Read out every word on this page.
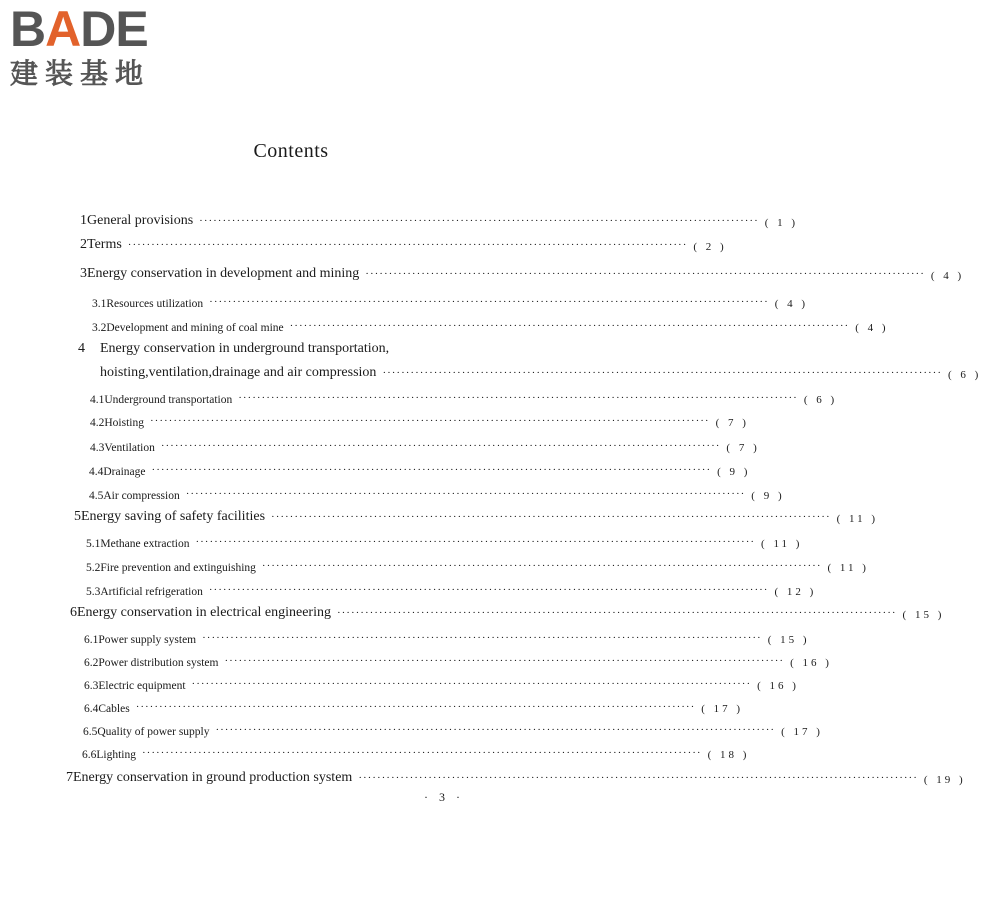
BADE
建装基地
Contents
1 General provisions ························································································································ ( 1 )
2 Terms ························································································································ ( 2 )
3 Energy conservation in development and mining ························································································································ ( 4 )
3.1 Resources utilization ························································································································ ( 4 )
3.2 Development and mining of coal mine ························································································································ ( 4 )
4	Energy conservation in underground transportation,
hoisting,ventilation,drainage and air compression ························································································································ ( 6 )
4.1 Underground transportation ························································································································ ( 6 )
4.2 Hoisting ························································································································ ( 7 )
4.3 Ventilation ························································································································ ( 7 )
4.4 Drainage ························································································································ ( 9 )
4.5 Air compression ························································································································ ( 9 )
5 Energy saving of safety facilities ························································································································ ( 11 )
5.1 Methane extraction ························································································································ ( 11 )
5.2 Fire prevention and extinguishing ························································································································ ( 11 )
5.3 Artificial refrigeration ························································································································ ( 12 )
6 Energy conservation in electrical engineering ························································································································ ( 15 )
6.1 Power supply system ························································································································ ( 15 )
6.2 Power distribution system ························································································································ ( 16 )
6.3 Electric equipment ························································································································ ( 16 )
6.4 Cables ························································································································ ( 17 )
6.5 Quality of power supply ························································································································ ( 17 )
6.6 Lighting ························································································································ ( 18 )
7 Energy conservation in ground production system ························································································································ ( 19 )
· 3 ·
